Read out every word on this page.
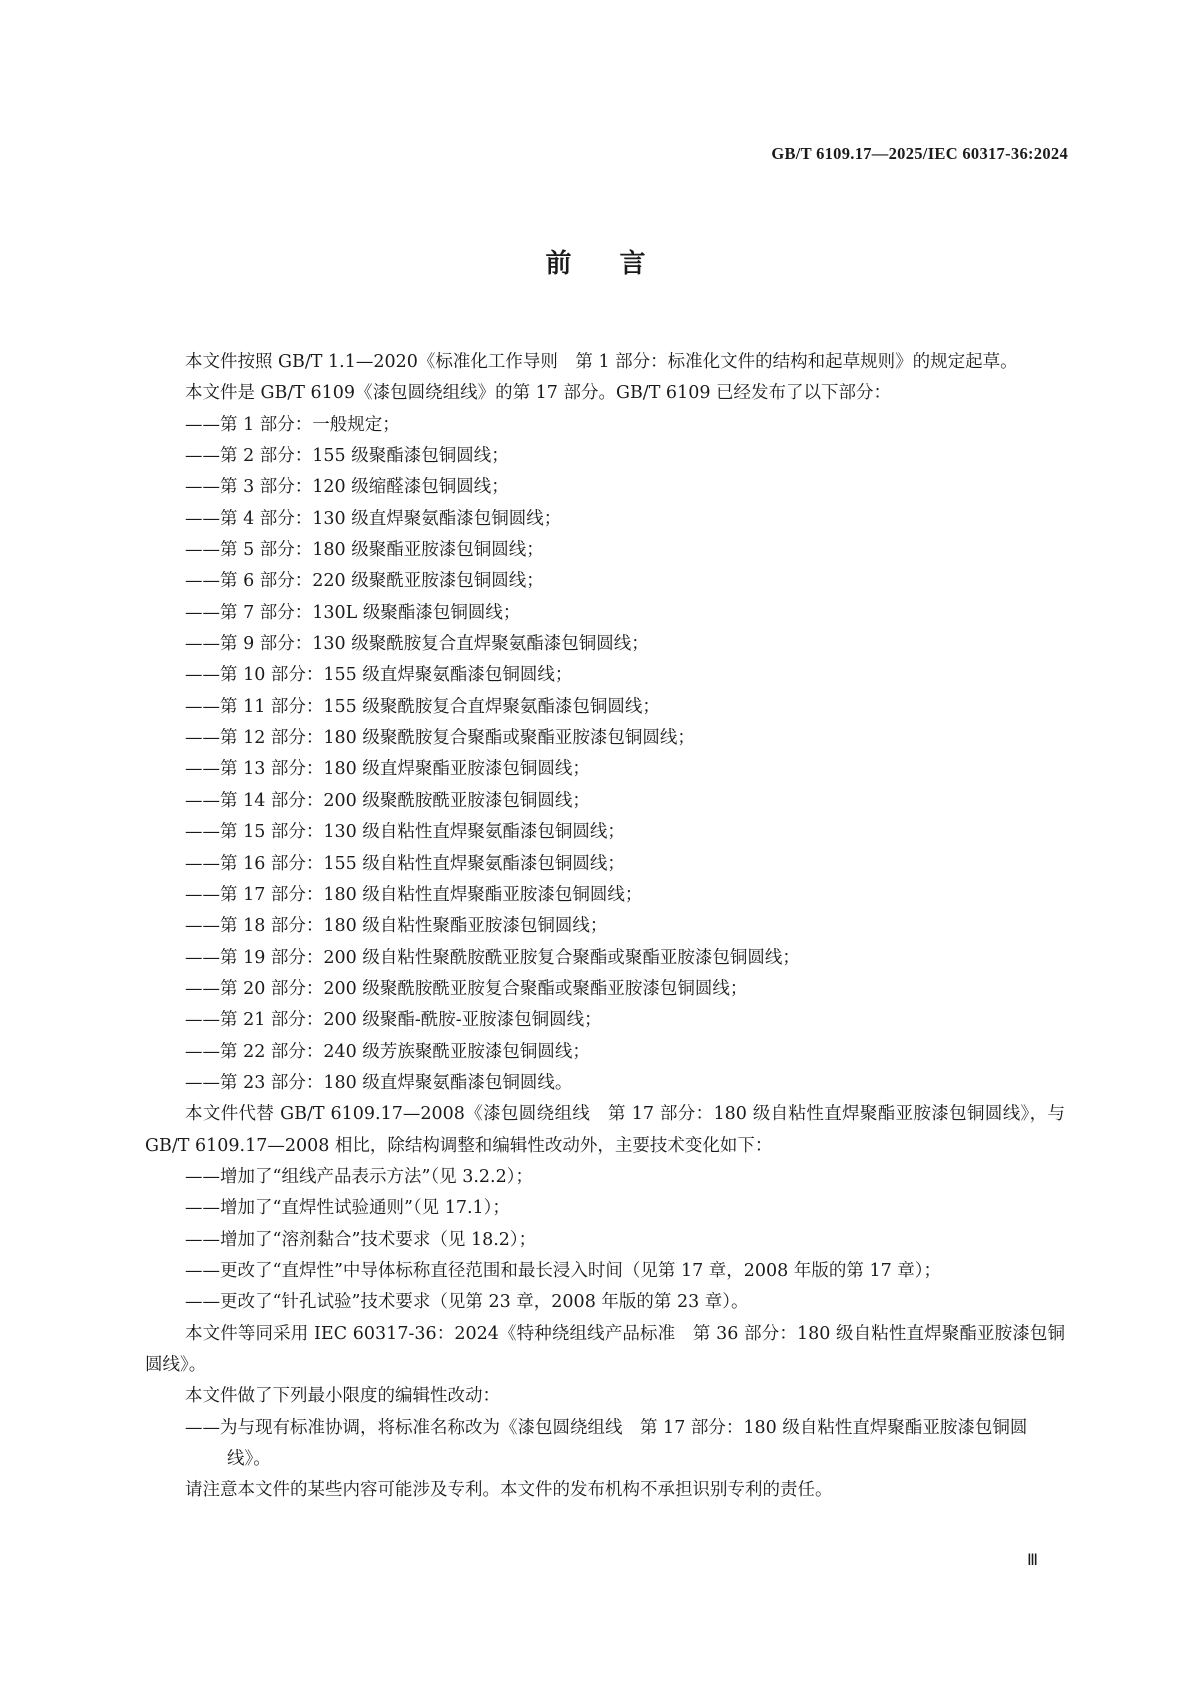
GB/T 6109.17—2025/IEC 60317-36:2024
前言

本文件按照 GB/T 1.1—2020《标准化工作导则　第 1 部分：标准化文件的结构和起草规则》的规定起草。

本文件是 GB/T 6109《漆包圆绕组线》的第 17 部分。GB/T 6109 已经发布了以下部分：

——第 1 部分：一般规定；
——第 2 部分：155 级聚酯漆包铜圆线；
——第 3 部分：120 级缩醛漆包铜圆线；
——第 4 部分：130 级直焊聚氨酯漆包铜圆线；
——第 5 部分：180 级聚酯亚胺漆包铜圆线；
——第 6 部分：220 级聚酰亚胺漆包铜圆线；
——第 7 部分：130L 级聚酯漆包铜圆线；
——第 9 部分：130 级聚酰胺复合直焊聚氨酯漆包铜圆线；
——第 10 部分：155 级直焊聚氨酯漆包铜圆线；
——第 11 部分：155 级聚酰胺复合直焊聚氨酯漆包铜圆线；
——第 12 部分：180 级聚酰胺复合聚酯或聚酯亚胺漆包铜圆线；
——第 13 部分：180 级直焊聚酯亚胺漆包铜圆线；
——第 14 部分：200 级聚酰胺酰亚胺漆包铜圆线；
——第 15 部分：130 级自粘性直焊聚氨酯漆包铜圆线；
——第 16 部分：155 级自粘性直焊聚氨酯漆包铜圆线；
——第 17 部分：180 级自粘性直焊聚酯亚胺漆包铜圆线；
——第 18 部分：180 级自粘性聚酯亚胺漆包铜圆线；
——第 19 部分：200 级自粘性聚酰胺酰亚胺复合聚酯或聚酯亚胺漆包铜圆线；
——第 20 部分：200 级聚酰胺酰亚胺复合聚酯或聚酯亚胺漆包铜圆线；
——第 21 部分：200 级聚酯-酰胺-亚胺漆包铜圆线；
——第 22 部分：240 级芳族聚酰亚胺漆包铜圆线；
——第 23 部分：180 级直焊聚氨酯漆包铜圆线。

本文件代替 GB/T 6109.17—2008《漆包圆绕组线　第 17 部分：180 级自粘性直焊聚酯亚胺漆包铜圆线》，与 GB/T 6109.17—2008 相比，除结构调整和编辑性改动外，主要技术变化如下：

——增加了“组线产品表示方法”（见 3.2.2）；
——增加了“直焊性试验通则”（见 17.1）；
——增加了“溶剂黏合”技术要求（见 18.2）；
——更改了“直焊性”中导体标称直径范围和最长浸入时间（见第 17 章，2008 年版的第 17 章）；
——更改了“针孔试验”技术要求（见第 23 章，2008 年版的第 23 章）。

本文件等同采用 IEC 60317-36：2024《特种绕组线产品标准　第 36 部分：180 级自粘性直焊聚酯亚胺漆包铜圆线》。

本文件做了下列最小限度的编辑性改动：

——为与现有标准协调，将标准名称改为《漆包圆绕组线　第 17 部分：180 级自粘性直焊聚酯亚胺漆包铜圆线》。

请注意本文件的某些内容可能涉及专利。本文件的发布机构不承担识别专利的责任。

Ⅲ
